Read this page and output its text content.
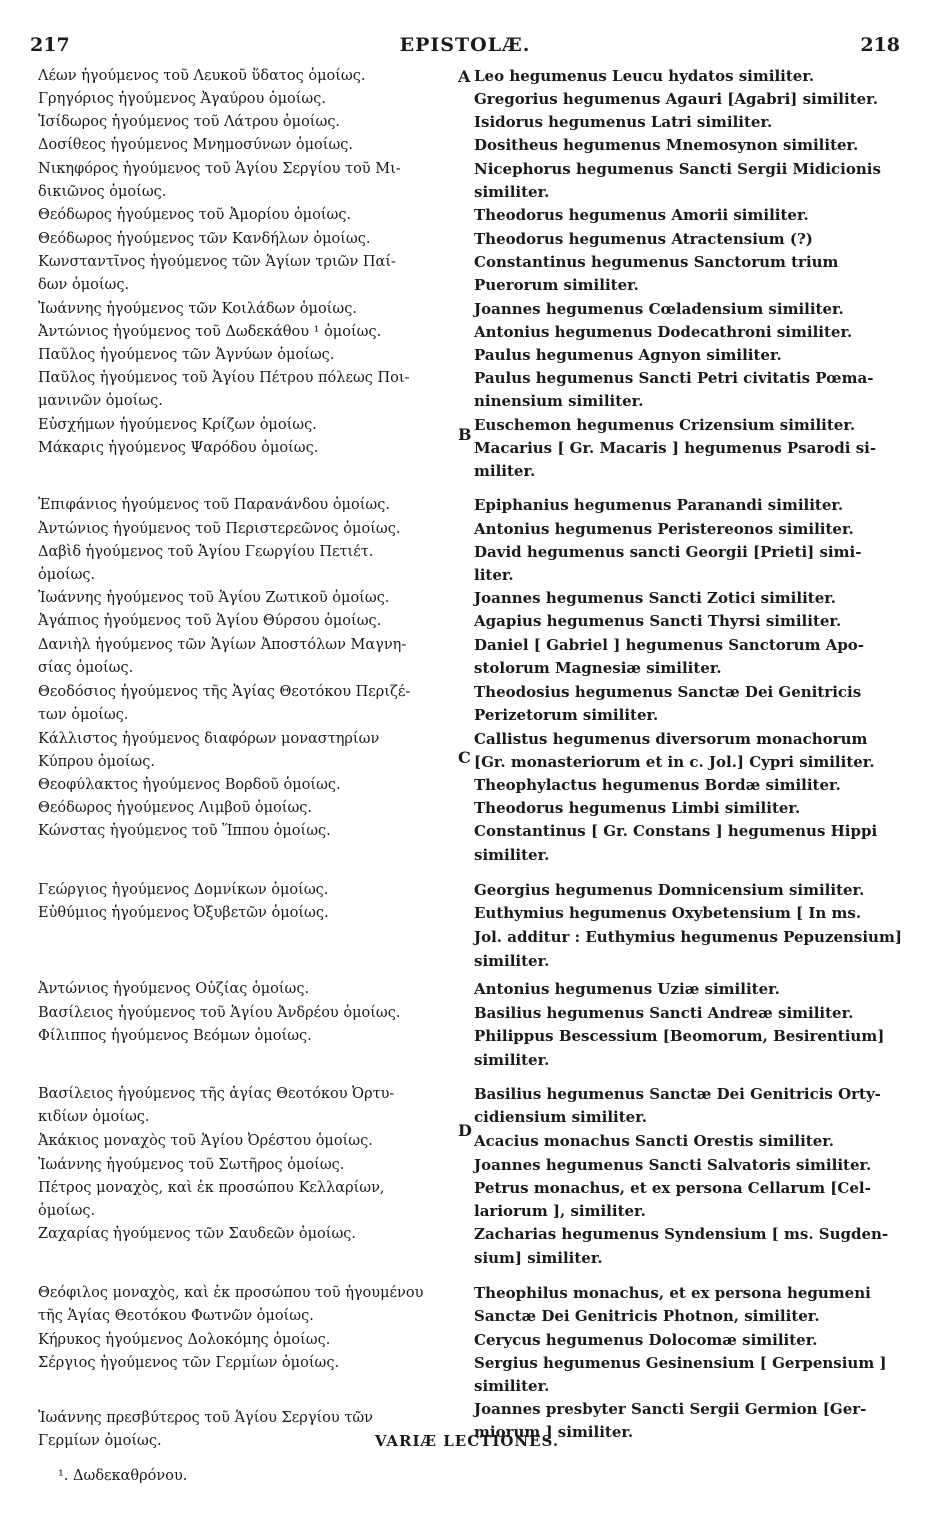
217	EPISTOLÆ.	218
Λέων ἡγούμενος τοῦ Λευκοῦ ὕδατος ὁμοίως.
Γρηγόριος ἡγούμενος Ἀγαύρου ὁμοίως.
Ἰσίδωρος ἡγούμενος τοῦ Λάτρου ὁμοίως.
Δοσίθεος ἡγούμενος Μνημοσύνων ὁμοίως.
Νικηφόρος ἡγούμενος τοῦ Ἁγίου Σεργίου τοῦ Μι-
δικιῶνος ὁμοίως.
Θεόδωρος ἡγούμενος τοῦ Ἀμορίου ὁμοίως.
Θεόδωρος ἡγούμενος τῶν Κανδήλων ὁμοίως.
Κωνσταντῖνος ἡγούμενος τῶν Ἁγίων τριῶν Παί-
δων ὁμοίως.
Ἰωάννης ἡγούμενος τῶν Κοιλάδων ὁμοίως.
Ἀντώνιος ἡγούμενος τοῦ Δωδεκάθου ¹ ὁμοίως.
Παῦλος ἡγούμενος τῶν Ἀγνύων ὁμοίως.
Παῦλος ἡγούμενος τοῦ Ἁγίου Πέτρου πόλεως Ποι-
μανινῶν ὁμοίως.
Εὐσχήμων ἡγούμενος Κρίζων ὁμοίως.
Μάκαρις ἡγούμενος Ψαρόδου ὁμοίως.
Ἐπιφάνιος ἡγούμενος τοῦ Παρανάνδου ὁμοίως.
Ἀντώνιος ἡγούμενος τοῦ Περιστερεῶνος ὁμοίως.
Δαβὶδ ἡγούμενος τοῦ Ἁγίου Γεωργίου Πετιέτ.
ὁμοίως.
Ἰωάννης ἡγούμενος τοῦ Ἁγίου Ζωτικοῦ ὁμοίως.
Ἀγάπιος ἡγούμενος τοῦ Ἁγίου Θύρσου ὁμοίως.
Δανιὴλ ἡγούμενος τῶν Ἁγίων Ἀποστόλων Μαγνη-
σίας ὁμοίως.
Θεοδόσιος ἡγούμενος τῆς Ἁγίας Θεοτόκου Περιζέ-
των ὁμοίως.
Κάλλιστος ἡγούμενος διαφόρων μοναστηρίων
Κύπρου ὁμοίως.
Θεοφύλακτος ἡγούμενος Βορδοῦ ὁμοίως.
Θεόδωρος ἡγούμενος Λιμβοῦ ὁμοίως.
Κώνστας ἡγούμενος τοῦ Ἵππου ὁμοίως.
Γεώργιος ἡγούμενος Δομνίκων ὁμοίως.
Εὐθύμιος ἡγούμενος Ὀξυβετῶν ὁμοίως.
Ἀντώνιος ἡγούμενος Οὐζίας ὁμοίως.
Βασίλειος ἡγούμενος τοῦ Ἁγίου Ἀνδρέου ὁμοίως.
Φίλιππος ἡγούμενος Βεόμων ὁμοίως.
Βασίλειος ἡγούμενος τῆς ἁγίας Θεοτόκου Ὀρτυ-
κιδίων ὁμοίως.
Ἀκάκιος μοναχὸς τοῦ Ἁγίου Ὀρέστου ὁμοίως.
Ἰωάννης ἡγούμενος τοῦ Σωτῆρος ὁμοίως.
Πέτρος μοναχὸς, καὶ ἐκ προσώπου Κελλαρίων,
ὁμοίως.
Ζαχαρίας ἡγούμενος τῶν Σαυδεῶν ὁμοίως.
Θεόφιλος μοναχὸς, καὶ ἐκ προσώπου τοῦ ἡγουμένου
τῆς Ἁγίας Θεοτόκου Φωτνῶν ὁμοίως.
Κήρυκος ἡγούμενος Δολοκόμης ὁμοίως.
Σέργιος ἡγούμενος τῶν Γερμίων ὁμοίως.
Ἰωάννης πρεσβύτερος τοῦ Ἁγίου Σεργίου τῶν
Γερμίων ὁμοίως.
Leo hegumenus Leucu hydatos similiter.
Gregorius hegumenus Agauri [Agabri] similiter.
Isidorus hegumenus Latri similiter.
Dositheus hegumenus Mnemosynon similiter.
Nicephorus hegumenus Sancti Sergii Midicionis
similiter.
Theodorus hegumenus Amorii similiter.
Theodorus hegumenus Atractensium (?)
Constantinus hegumenus Sanctorum trium
Puerorum similiter.
Joannes hegumenus Cœladensium similiter.
Antonius hegumenus Dodecathroni similiter.
Paulus hegumenus Agnyon similiter.
Paulus hegumenus Sancti Petri civitatis Pœma-
ninensium similiter.
Euschemon hegumenus Crizensium similiter.
Macarius [ Gr. Macaris ] hegumenus Psarodi si-
militer.
Epiphanius hegumenus Paranandi similiter.
Antonius hegumenus Peristereonos similiter.
David hegumenus sancti Georgii [Prieti] simi-
liter.
Joannes hegumenus Sancti Zotici similiter.
Agapius hegumenus Sancti Thyrsi similiter.
Daniel [ Gabriel ] hegumenus Sanctorum Apo-
stolorum Magnesiæ similiter.
Theodosius hegumenus Sanctæ Dei Genitricis
Perizetorum similiter.
Callistus hegumenus diversorum monachorum
[Gr. monasteriorum et in c. Jol.] Cypri similiter.
Theophylactus hegumenus Bordæ similiter.
Theodorus hegumenus Limbi similiter.
Constantinus [ Gr. Constans ] hegumenus Hippi
similiter.
Georgius hegumenus Domnicensium similiter.
Euthymius hegumenus Oxybetensium [ In ms.
Jol. additur : Euthymius hegumenus Pepuzensium]
similiter.
Antonius hegumenus Uziæ similiter.
Basilius hegumenus Sancti Andreæ similiter.
Philippus Bescessium [Beomorum, Besirentium]
similiter.
Basilius hegumenus Sanctæ Dei Genitricis Orty-
cidiensium similiter.
Acacius monachus Sancti Orestis similiter.
Joannes hegumenus Sancti Salvatoris similiter.
Petrus monachus, et ex persona Cellarum [Cel-
lariorum ], similiter.
Zacharias hegumenus Syndensium [ ms. Sugden-
sium] similiter.
Theophilus monachus, et ex persona hegumeni
Sanctæ Dei Genitricis Photnon, similiter.
Cerycus hegumenus Dolocomæ similiter.
Sergius hegumenus Gesinensium [ Gerpensium ]
similiter.
Joannes presbyter Sancti Sergii Germion [Ger-
miorum ] similiter.
A
B
C
D
VARIÆ LECTIONES.
¹. Δωδεκαθρόνου.
